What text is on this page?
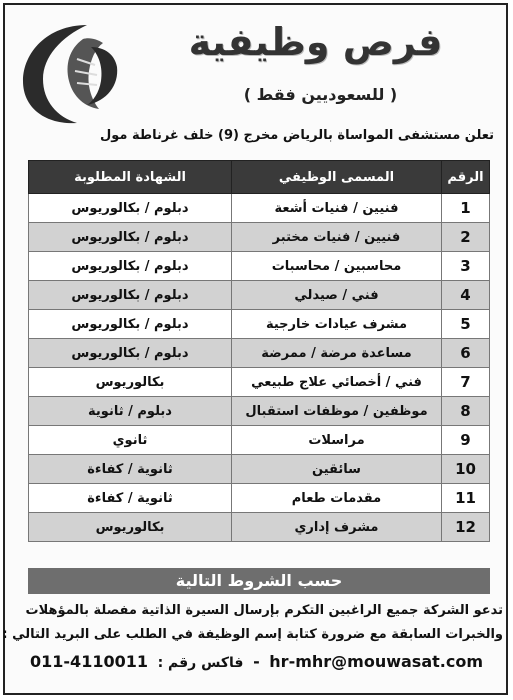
فرص وظيفية
( للسعوديين فقط )
تعلن مستشفى المواساة بالرياض مخرج (9) خلف غرناطة مول
الرقم	المسمى الوظيفي	الشهادة المطلوبة
1	فنيين / فنيات أشعة	دبلوم / بكالوريوس
2	فنيين / فنيات مختبر	دبلوم / بكالوريوس
3	محاسبين / محاسبات	دبلوم / بكالوريوس
4	فني / صيدلي	دبلوم / بكالوريوس
5	مشرف عيادات خارجية	دبلوم / بكالوريوس
6	مساعدة مرضة / ممرضة	دبلوم / بكالوريوس
7	فني / أخصائي علاج طبيعي	بكالوريوس
8	موظفين / موظفات استقبال	دبلوم / ثانوية
9	مراسلات	ثانوي
10	سائقين	ثانوية / كفاءة
11	مقدمات طعام	ثانوية / كفاءة
12	مشرف إداري	بكالوريوس
حسب الشروط التالية
تدعو الشركة جميع الراغبين التكرم بإرسال السيرة الذاتية مفصلة بالمؤهلات
والخبرات السابقة مع ضرورة كتابة إسم الوظيفة في الطلب على البريد التالي :
011-4110011 فاكس رقم : - hr-mhr@mouwasat.com
